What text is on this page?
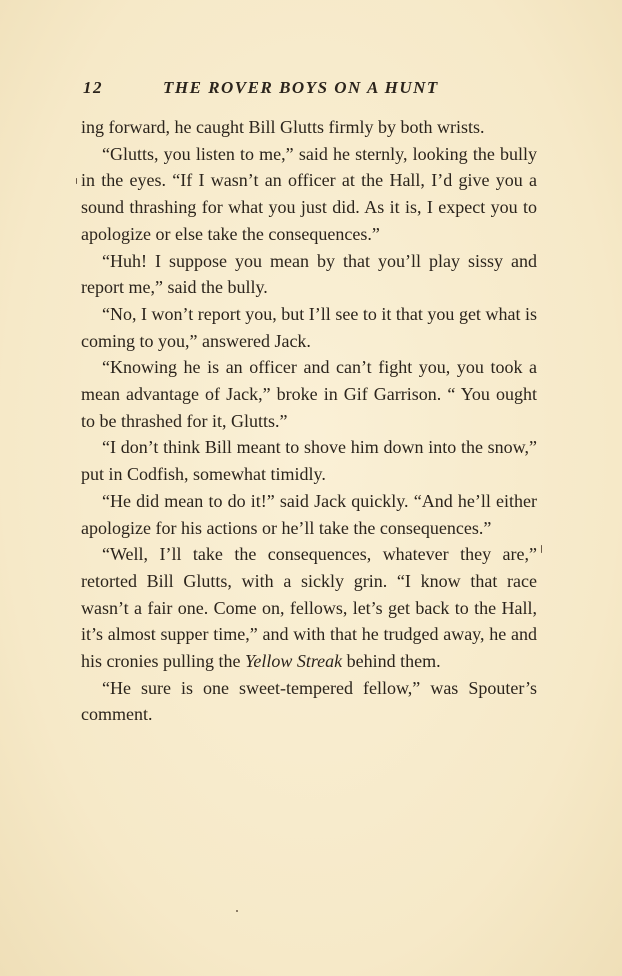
12	THE ROVER BOYS ON A HUNT

ing forward, he caught Bill Glutts firmly by both wrists.

“Glutts, you listen to me,” said he sternly, looking the bully in the eyes. “If I wasn’t an officer at the Hall, I’d give you a sound thrashing for what you just did. As it is, I expect you to apologize or else take the consequences.”

“Huh! I suppose you mean by that you’ll play sissy and report me,” said the bully.

“No, I won’t report you, but I’ll see to it that you get what is coming to you,” answered Jack.

“Knowing he is an officer and can’t fight you, you took a mean advantage of Jack,” broke in Gif Garrison. “ You ought to be thrashed for it, Glutts.”

“I don’t think Bill meant to shove him down into the snow,” put in Codfish, somewhat timidly.

“He did mean to do it!” said Jack quickly. “And he’ll either apologize for his actions or he’ll take the consequences.”

“Well, I’ll take the consequences, whatever they are,” retorted Bill Glutts, with a sickly grin. “I know that race wasn’t a fair one. Come on, fellows, let’s get back to the Hall, it’s almost supper time,” and with that he trudged away, he and his cronies pulling the Yellow Streak behind them.

“He sure is one sweet-tempered fellow,” was Spouter’s comment.
